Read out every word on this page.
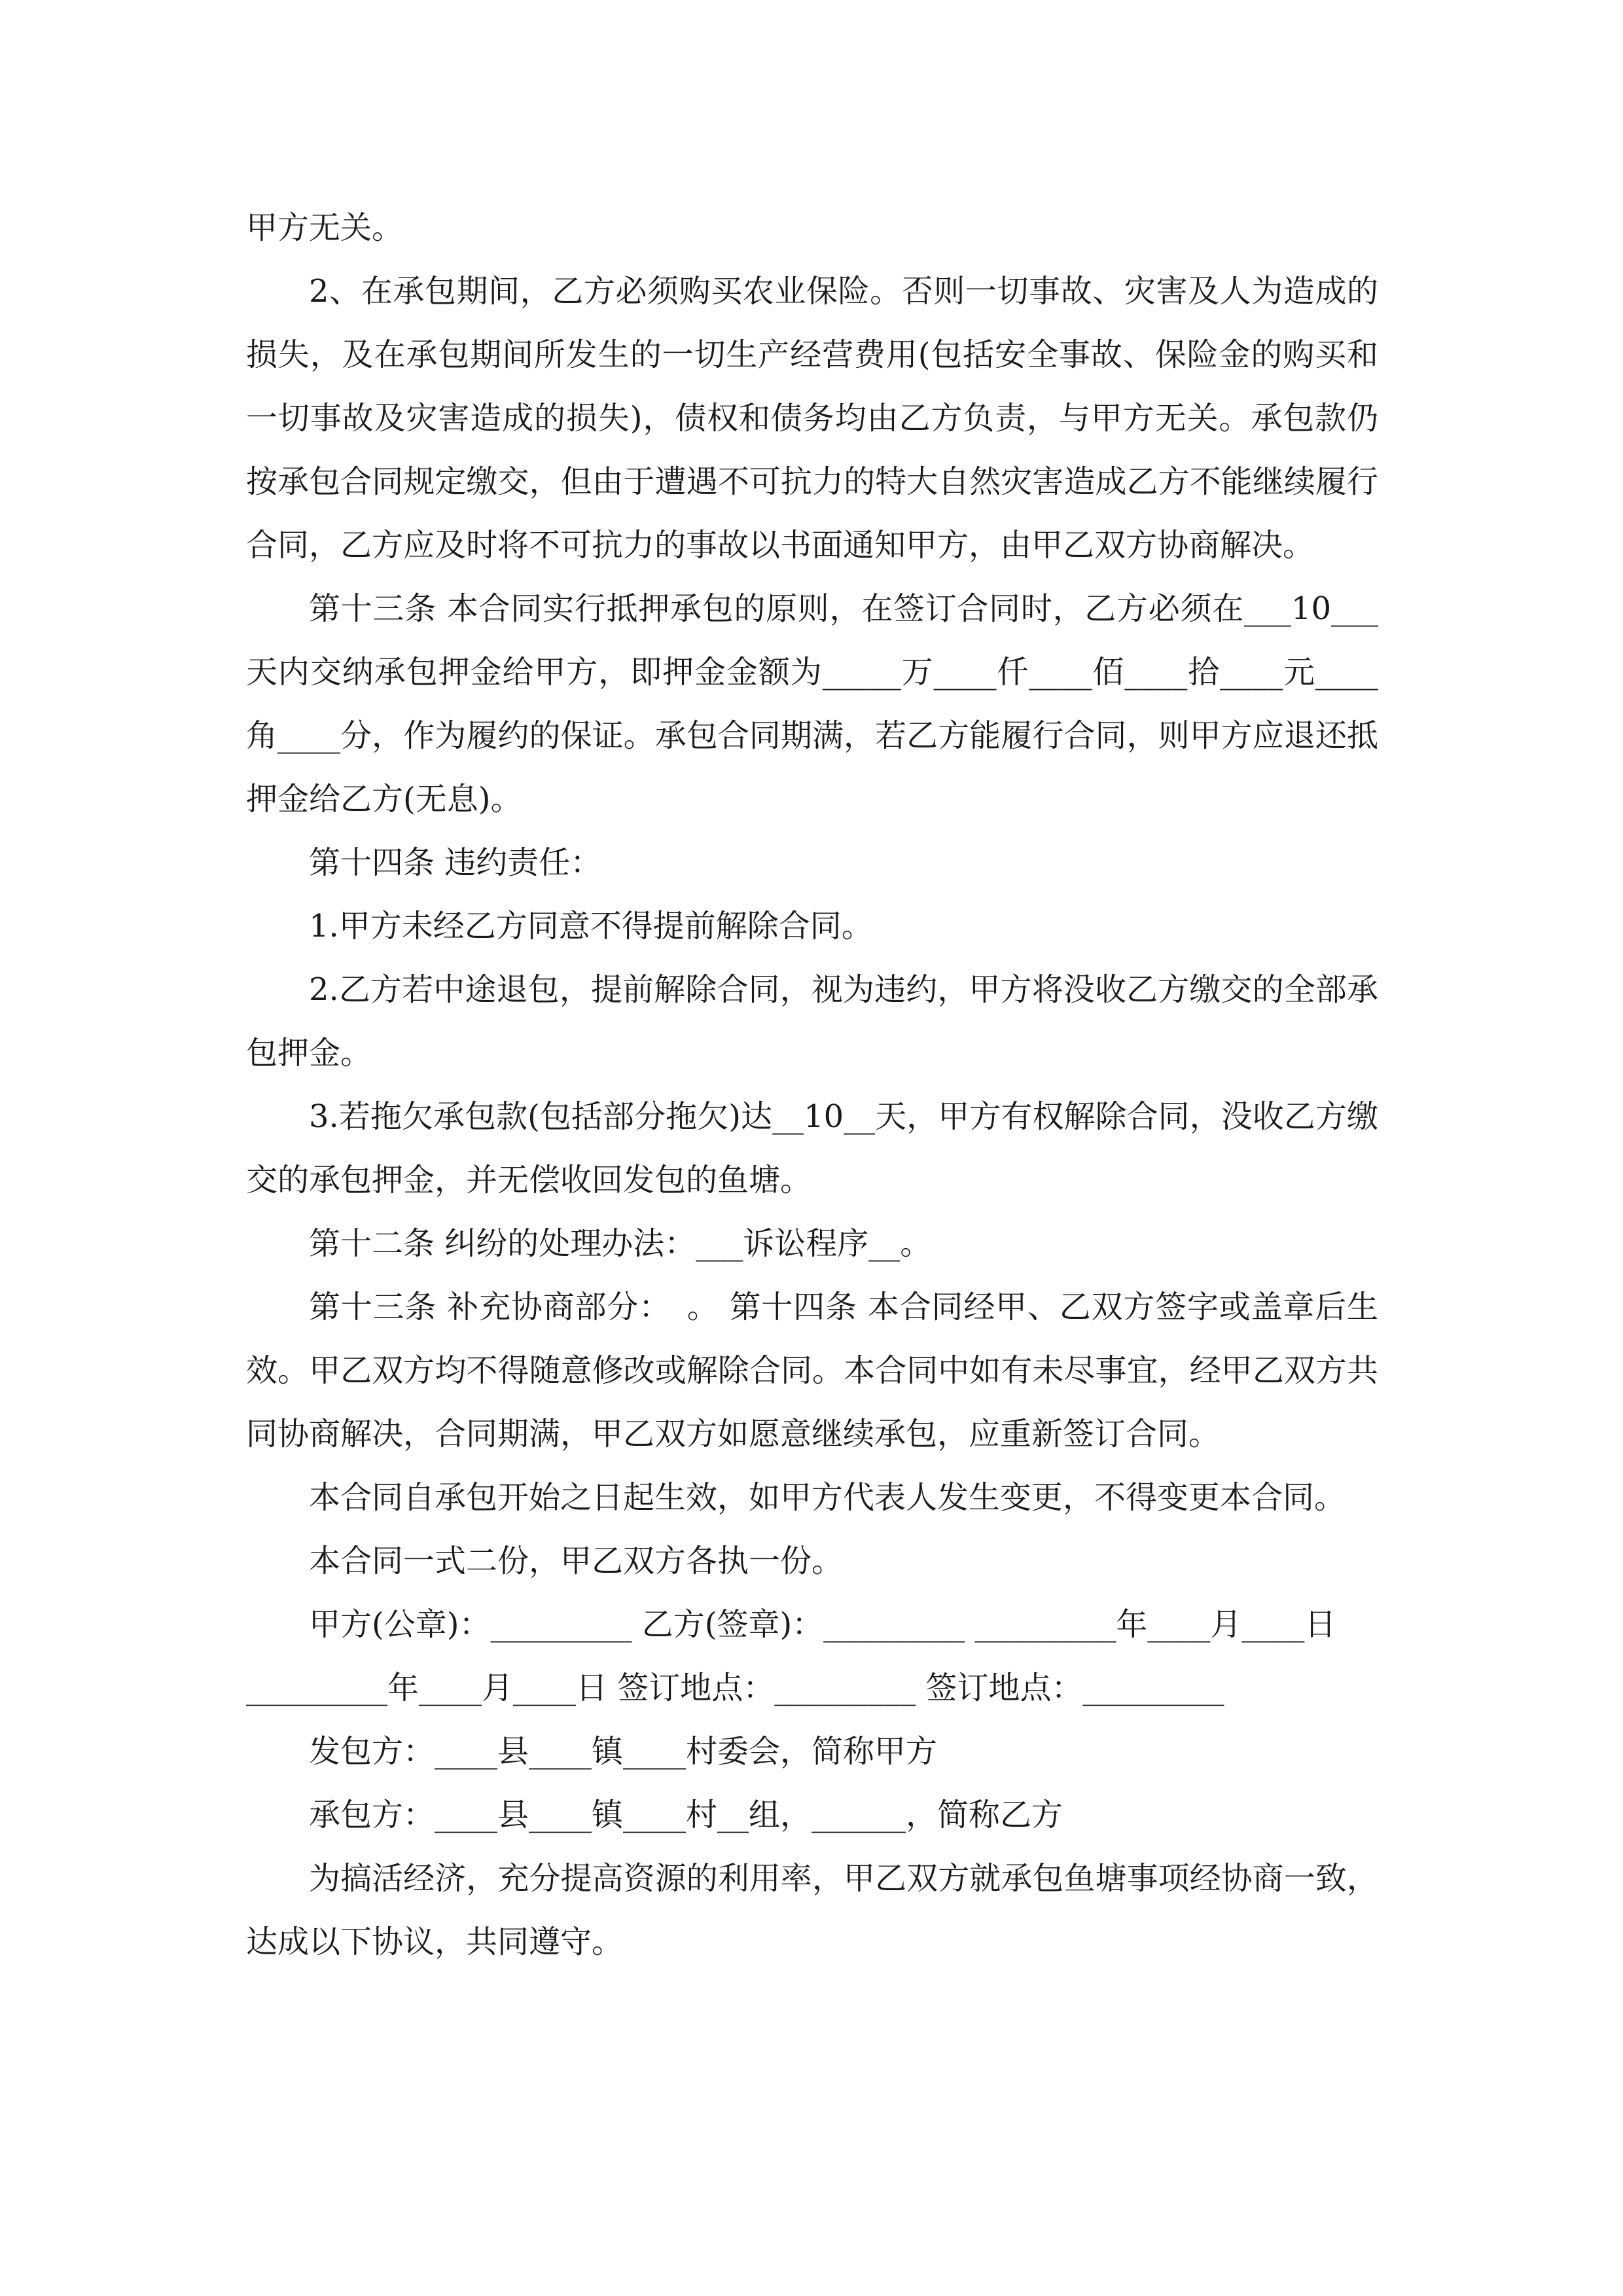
甲方无关。

2、在承包期间，乙方必须购买农业保险。否则一切事故、灾害及人为造成的损失，及在承包期间所发生的一切生产经营费用(包括安全事故、保险金的购买和一切事故及灾害造成的损失)，债权和债务均由乙方负责，与甲方无关。承包款仍按承包合同规定缴交，但由于遭遇不可抗力的特大自然灾害造成乙方不能继续履行合同，乙方应及时将不可抗力的事故以书面通知甲方，由甲乙双方协商解决。

第十三条 本合同实行抵押承包的原则，在签订合同时，乙方必须在___10___天内交纳承包押金给甲方，即押金金额为_____万____仟____佰____拾____元____角____分，作为履约的保证。承包合同期满，若乙方能履行合同，则甲方应退还抵押金给乙方(无息)。

第十四条 违约责任：

1.甲方未经乙方同意不得提前解除合同。

2.乙方若中途退包，提前解除合同，视为违约，甲方将没收乙方缴交的全部承包押金。

3.若拖欠承包款(包括部分拖欠)达__10__天，甲方有权解除合同，没收乙方缴交的承包押金，并无偿收回发包的鱼塘。

第十二条 纠纷的处理办法：___诉讼程序__。

第十三条 补充协商部分：　。 第十四条 本合同经甲、乙双方签字或盖章后生效。甲乙双方均不得随意修改或解除合同。本合同中如有未尽事宜，经甲乙双方共同协商解决，合同期满，甲乙双方如愿意继续承包，应重新签订合同。

本合同自承包开始之日起生效，如甲方代表人发生变更，不得变更本合同。

本合同一式二份，甲乙双方各执一份。

甲方(公章)：_________ 乙方(签章)：_________ _________年____月____日

_________年____月____日 签订地点：_________ 签订地点：_________

发包方：____县____镇____村委会，简称甲方

承包方：____县____镇____村__组，______，简称乙方

为搞活经济，充分提高资源的利用率，甲乙双方就承包鱼塘事项经协商一致，达成以下协议，共同遵守。
